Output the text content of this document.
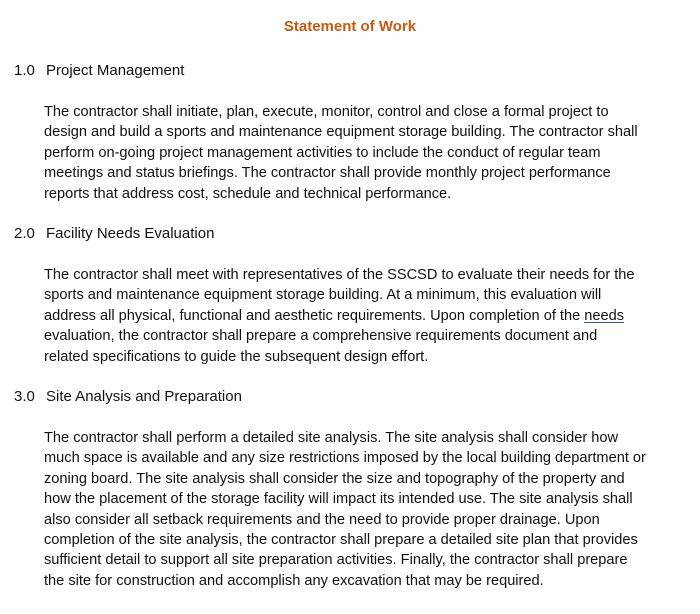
Statement of Work
1.0 Project Management
The contractor shall initiate, plan, execute, monitor, control and close a formal project to
design and build a sports and maintenance equipment storage building. The contractor shall
perform on-going project management activities to include the conduct of regular team
meetings and status briefings. The contractor shall provide monthly project performance
reports that address cost, schedule and technical performance.
2.0 Facility Needs Evaluation
The contractor shall meet with representatives of the SSCSD to evaluate their needs for the
sports and maintenance equipment storage building. At a minimum, this evaluation will
address all physical, functional and aesthetic requirements. Upon completion of the needs
evaluation, the contractor shall prepare a comprehensive requirements document and
related specifications to guide the subsequent design effort.
3.0 Site Analysis and Preparation
The contractor shall perform a detailed site analysis. The site analysis shall consider how
much space is available and any size restrictions imposed by the local building department or
zoning board. The site analysis shall consider the size and topography of the property and
how the placement of the storage facility will impact its intended use. The site analysis shall
also consider all setback requirements and the need to provide proper drainage. Upon
completion of the site analysis, the contractor shall prepare a detailed site plan that provides
sufficient detail to support all site preparation activities. Finally, the contractor shall prepare
the site for construction and accomplish any excavation that may be required.
